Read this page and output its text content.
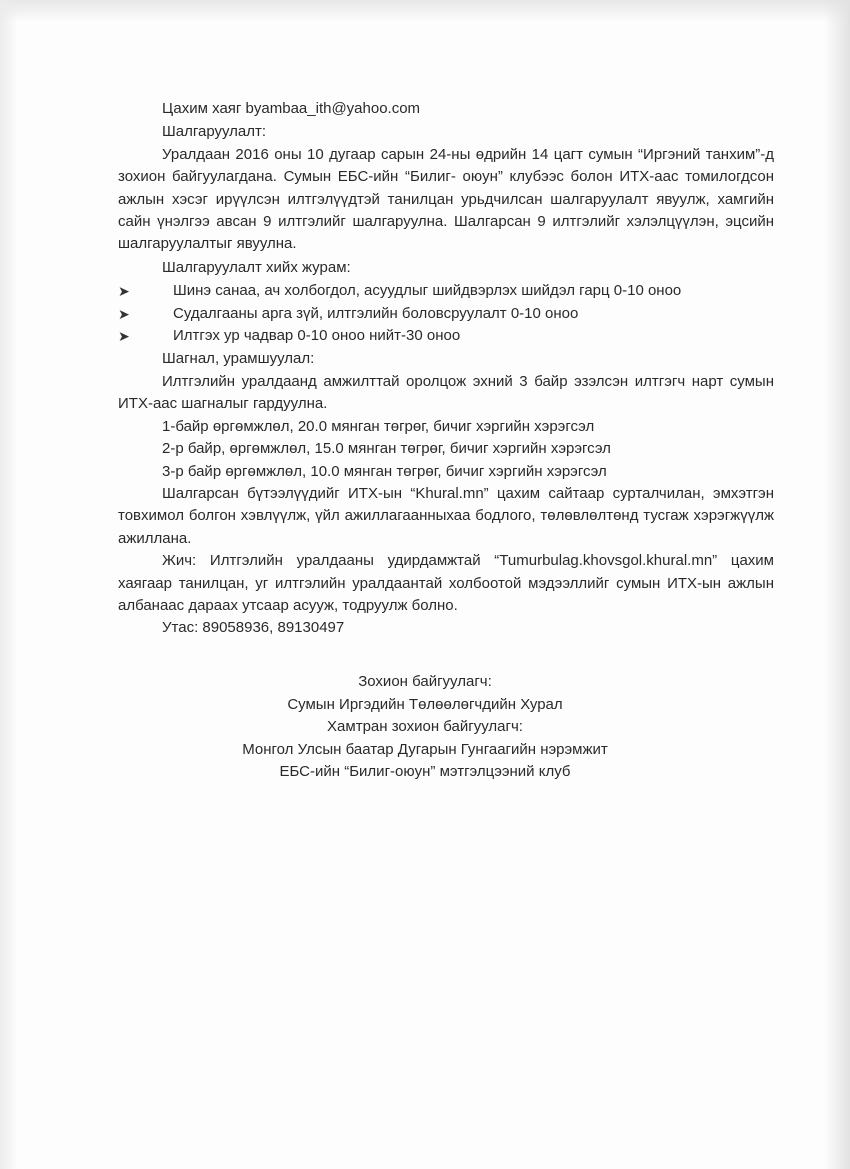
Цахим хаяг byambaa_ith@yahoo.com
Шалгаруулалт:

Уралдаан 2016 оны 10 дугаар сарын 24-ны өдрийн 14 цагт сумын “Иргэний танхим”-д зохион байгуулагдана. Сумын ЕБС-ийн “Билиг- оюун” клубээс болон ИТХ-аас томилогдсон ажлын хэсэг ирүүлсэн илтгэлүүдтэй танилцан урьдчилсан шалгаруулалт явуулж, хамгийн сайн үнэлгээ авсан 9 илтгэлийг шалгаруулна. Шалгарсан 9 илтгэлийг хэлэлцүүлэн, эцсийн шалгаруулалтыг явуулна.

Шалгаруулалт хийх журам:
➤	Шинэ санаа, ач холбогдол, асуудлыг шийдвэрлэх шийдэл гарц 0-10 оноо
➤	Судалгааны арга зүй, илтгэлийн боловсруулалт 0-10 оноо
➤	Илтгэх ур чадвар 0-10 оноо нийт-30 оноо
Шагнал, урамшуулал:

Илтгэлийн уралдаанд амжилттай оролцож эхний 3 байр эзэлсэн илтгэгч нарт сумын ИТХ-аас шагналыг гардуулна.

1-байр өргөмжлөл, 20.0 мянган төгрөг, бичиг хэргийн хэрэгсэл

2-р байр, өргөмжлөл, 15.0 мянган төгрөг, бичиг хэргийн хэрэгсэл

3-р байр өргөмжлөл, 10.0 мянган төгрөг, бичиг хэргийн хэрэгсэл

Шалгарсан бүтээлүүдийг ИТХ-ын “Khural.mn” цахим сайтаар сурталчилан, эмхэтгэн товхимол болгон хэвлүүлж, үйл ажиллагаанныхаа бодлого, төлөвлөлтөнд тусгаж хэрэгжүүлж ажиллана.

Жич: Илтгэлийн уралдааны удирдамжтай “Tumurbulag.khovsgol.khural.mn” цахим хаягаар танилцан, уг илтгэлийн уралдаантай холбоотой мэдээллийг сумын ИТХ-ын ажлын албанаас дараах утсаар асууж, тодруулж болно.

Утас: 89058936, 89130497
Зохион байгуулагч:
Сумын Иргэдийн Төлөөлөгчдийн Хурал
Хамтран зохион байгуулагч:
Монгол Улсын баатар Дугарын Гунгаагийн нэрэмжит
ЕБС-ийн “Билиг-оюун” мэтгэлцээний клуб
